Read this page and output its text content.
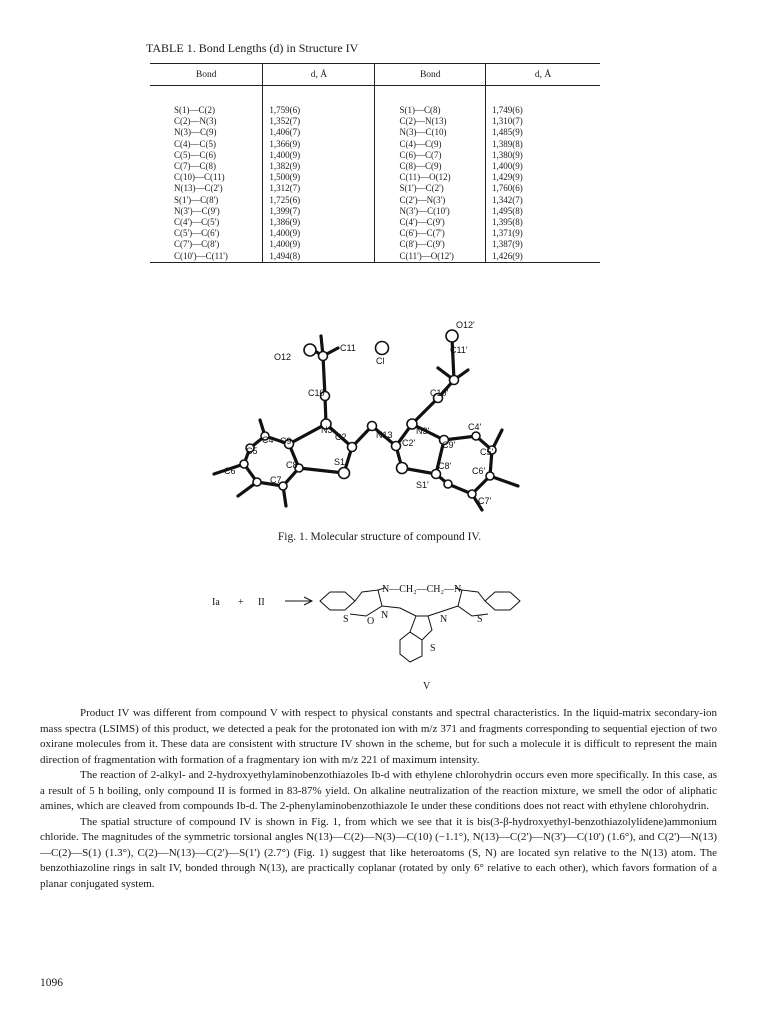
TABLE 1. Bond Lengths (d) in Structure IV
Bond	d, Å	Bond	d, Å
S(1)—C(2)	1,759(6)	S(1)—C(8)	1,749(6)
C(2)—N(3)	1,352(7)	C(2)—N(13)	1,310(7)
N(3)—C(9)	1,406(7)	N(3)—C(10)	1,485(9)
C(4)—C(5)	1,366(9)	C(4)—C(9)	1,389(8)
C(5)—C(6)	1,400(9)	C(6)—C(7)	1,380(9)
C(7)—C(8)	1,382(9)	C(8)—C(9)	1,400(9)
C(10)—C(11)	1,500(9)	C(11)—O(12)	1,429(9)
N(13)—C(2')	1,312(7)	S(1')—C(2')	1,760(6)
S(1')—C(8')	1,725(6)	C(2')—N(3')	1,342(7)
N(3')—C(9')	1,399(7)	N(3')—C(10')	1,495(8)
C(4')—C(5')	1,386(9)	C(4')—C(9')	1,395(8)
C(5')—C(6')	1,400(9)	C(6')—C(7')	1,371(9)
C(7')—C(8')	1,400(9)	C(8')—C(9')	1,387(9)
C(10')—C(11')	1,494(8)	C(11')—O(12')	1,426(9)
O12'
C11
Cl
C11'
O12
C10	C10'
N3	N13	N3'
C4 C9	C2
C2'	C9'
C4'
C5	C5'
C8	C8'
C6	C6'
S1
S1'
C7
C7'
Fig. 1. Molecular structure of compound IV.
Ia + II
N—CH₂—CH₂—N
O
S	S
S
N	N
V

Product IV was different from compound V with respect to physical constants and spectral characteristics. In the liquid-matrix secondary-ion mass spectra (LSIMS) of this product, we detected a peak for the protonated ion with m/z 371 and fragments corresponding to sequential ejection of two oxirane molecules from it. These data are consistent with structure IV shown in the scheme, but for such a molecule it is difficult to represent the main direction of fragmentation with formation of a fragmentary ion with m/z 221 of maximum intensity.

The reaction of 2-alkyl- and 2-hydroxyethylaminobenzothiazoles Ib-d with ethylene chlorohydrin occurs even more specifically. In this case, as a result of 5 h boiling, only compound II is formed in 83-87% yield. On alkaline neutralization of the reaction mixture, we smell the odor of aliphatic amines, which are cleaved from compounds Ib-d. The 2-phenylaminobenzothiazole Ie under these conditions does not react with ethylene chlorohydrin.

The spatial structure of compound IV is shown in Fig. 1, from which we see that it is bis(3-β-hydroxyethyl-benzothiazolylidene)ammonium chloride. The magnitudes of the symmetric torsional angles N(13)—C(2)—N(3)—C(10) (−1.1°), N(13)—C(2')—N(3')—C(10') (1.6°), and C(2')—N(13)—C(2)—S(1) (1.3°), C(2)—N(13)—C(2')—S(1') (2.7°) (Fig. 1) suggest that like heteroatoms (S, N) are located syn relative to the N(13) atom. The benzothiazoline rings in salt IV, bonded through N(13), are practically coplanar (rotated by only 6° relative to each other), which favors formation of a planar conjugated system.

1096
